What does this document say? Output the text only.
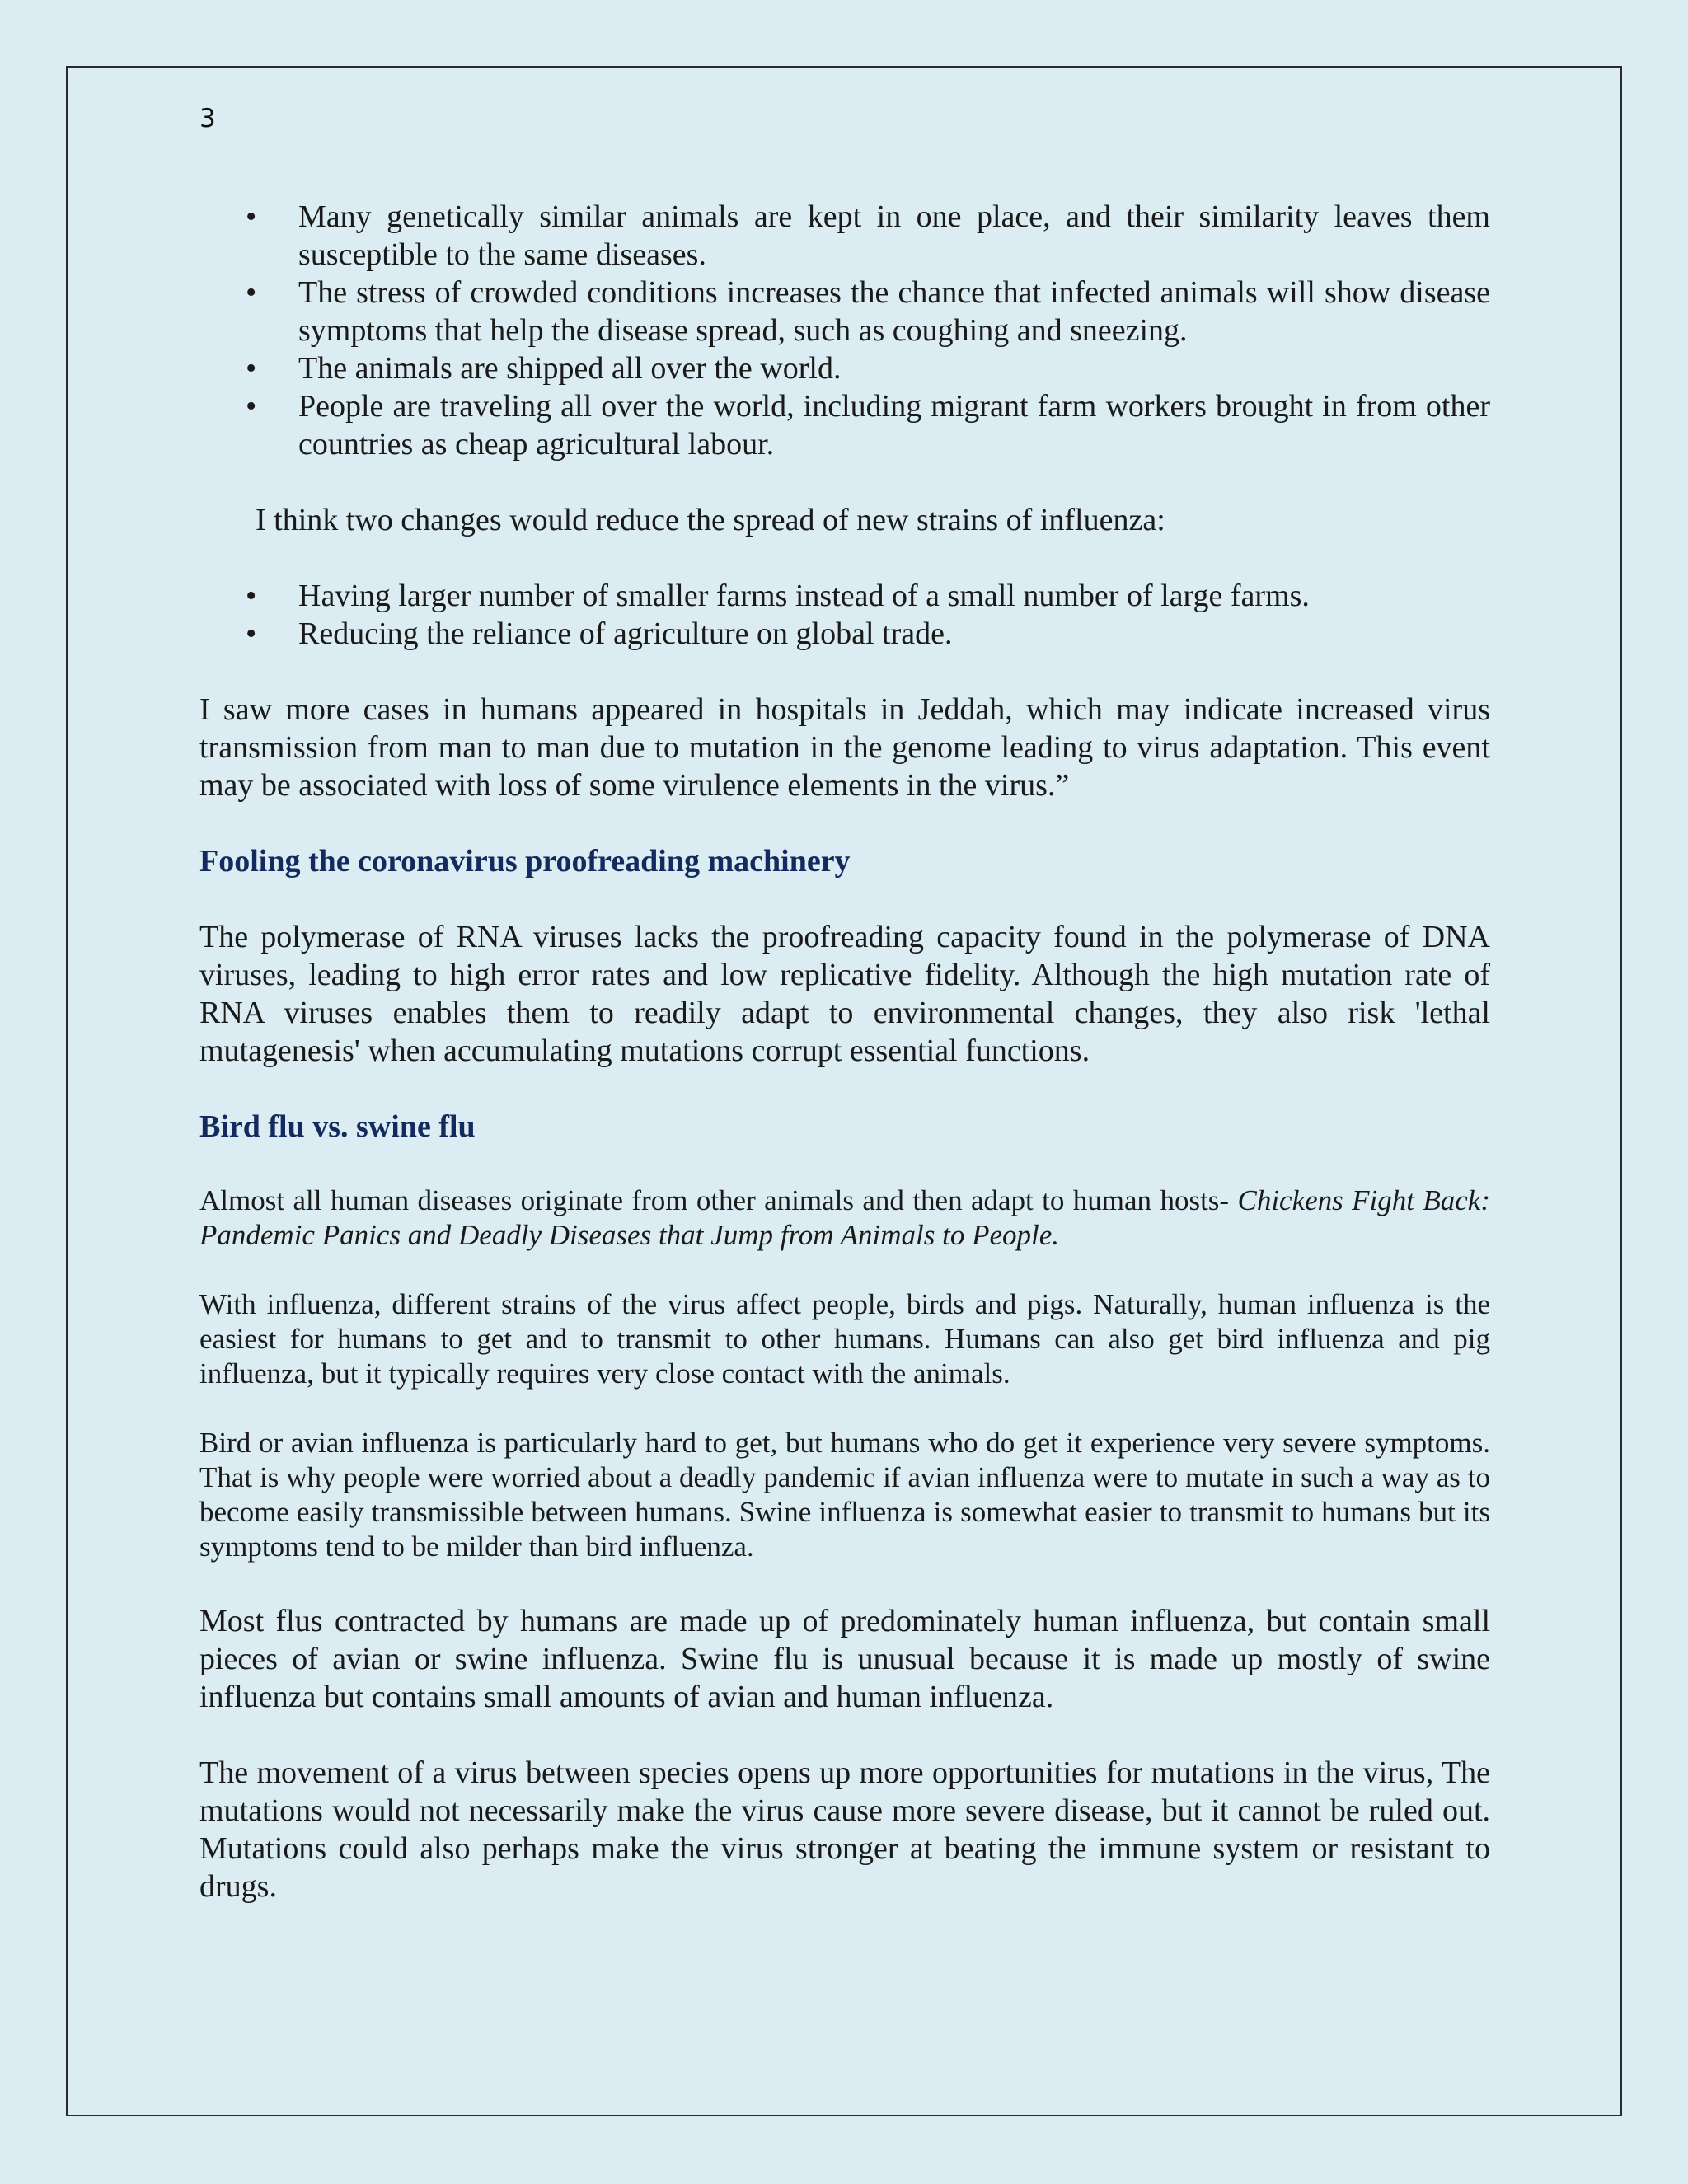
3
• Many genetically similar animals are kept in one place, and their similarity leaves them susceptible to the same diseases.
• The stress of crowded conditions increases the chance that infected animals will show disease symptoms that help the disease spread, such as coughing and sneezing.
• The animals are shipped all over the world.
• People are traveling all over the world, including migrant farm workers brought in from other countries as cheap agricultural labour.

I think two changes would reduce the spread of new strains of influenza:

• Having larger number of smaller farms instead of a small number of large farms.
• Reducing the reliance of agriculture on global trade.

I saw more cases in humans appeared in hospitals in Jeddah, which may indicate increased virus transmission from man to man due to mutation in the genome leading to virus adaptation. This event may be associated with loss of some virulence elements in the virus.”

Fooling the coronavirus proofreading machinery

The polymerase of RNA viruses lacks the proofreading capacity found in the polymerase of DNA viruses, leading to high error rates and low replicative fidelity. Although the high mutation rate of RNA viruses enables them to readily adapt to environmental changes, they also risk 'lethal mutagenesis' when accumulating mutations corrupt essential functions.

Bird flu vs. swine flu

Almost all human diseases originate from other animals and then adapt to human hosts- Chickens Fight Back: Pandemic Panics and Deadly Diseases that Jump from Animals to People.

With influenza, different strains of the virus affect people, birds and pigs. Naturally, human influenza is the easiest for humans to get and to transmit to other humans. Humans can also get bird influenza and pig influenza, but it typically requires very close contact with the animals.

Bird or avian influenza is particularly hard to get, but humans who do get it experience very severe symptoms. That is why people were worried about a deadly pandemic if avian influenza were to mutate in such a way as to become easily transmissible between humans. Swine influenza is somewhat easier to transmit to humans but its symptoms tend to be milder than bird influenza.

Most flus contracted by humans are made up of predominately human influenza, but contain small pieces of avian or swine influenza. Swine flu is unusual because it is made up mostly of swine influenza but contains small amounts of avian and human influenza.

The movement of a virus between species opens up more opportunities for mutations in the virus, The mutations would not necessarily make the virus cause more severe disease, but it cannot be ruled out. Mutations could also perhaps make the virus stronger at beating the immune system or resistant to drugs.
